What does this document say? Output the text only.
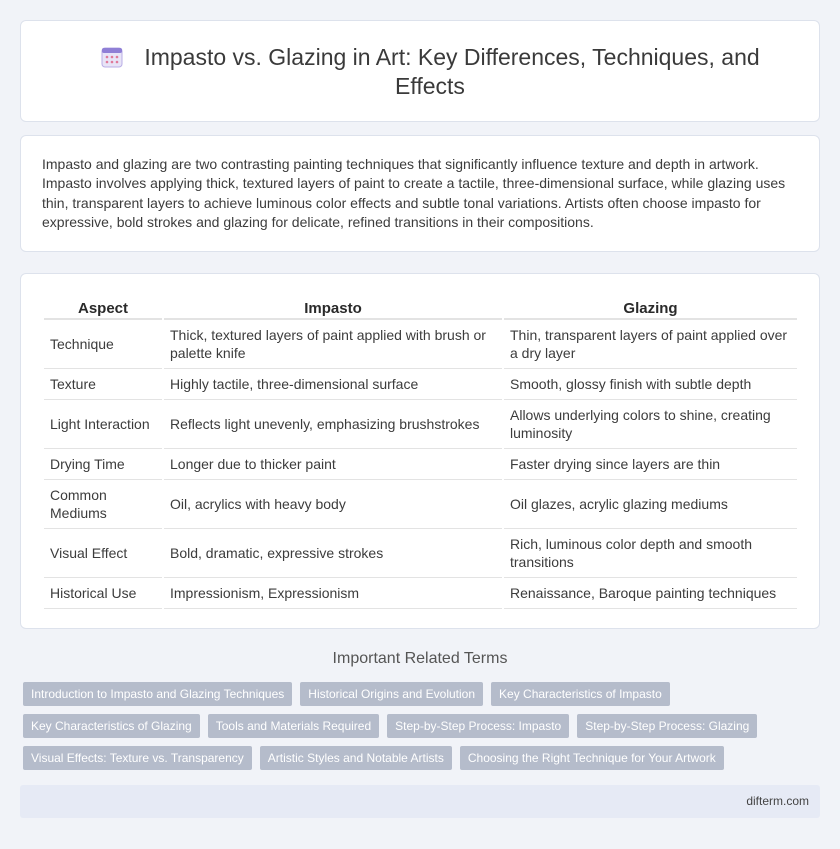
Impasto vs. Glazing in Art: Key Differences, Techniques, and Effects

Impasto and glazing are two contrasting painting techniques that significantly influence texture and depth in artwork. Impasto involves applying thick, textured layers of paint to create a tactile, three-dimensional surface, while glazing uses thin, transparent layers to achieve luminous color effects and subtle tonal variations. Artists often choose impasto for expressive, bold strokes and glazing for delicate, refined transitions in their compositions.

Aspect	Impasto	Glazing
Technique	Thick, textured layers of paint applied with brush or palette knife	Thin, transparent layers of paint applied over a dry layer
Texture	Highly tactile, three-dimensional surface	Smooth, glossy finish with subtle depth
Light Interaction	Reflects light unevenly, emphasizing brushstrokes	Allows underlying colors to shine, creating luminosity
Drying Time	Longer due to thicker paint	Faster drying since layers are thin
Common Mediums	Oil, acrylics with heavy body	Oil glazes, acrylic glazing mediums
Visual Effect	Bold, dramatic, expressive strokes	Rich, luminous color depth and smooth transitions
Historical Use	Impressionism, Expressionism	Renaissance, Baroque painting techniques
Important Related Terms
Introduction to Impasto and Glazing Techniques	Historical Origins and Evolution	Key Characteristics of Impasto
Key Characteristics of Glazing	Tools and Materials Required	Step-by-Step Process: Impasto	Step-by-Step Process: Glazing
Visual Effects: Texture vs. Transparency	Artistic Styles and Notable Artists	Choosing the Right Technique for Your Artwork
difterm.com
